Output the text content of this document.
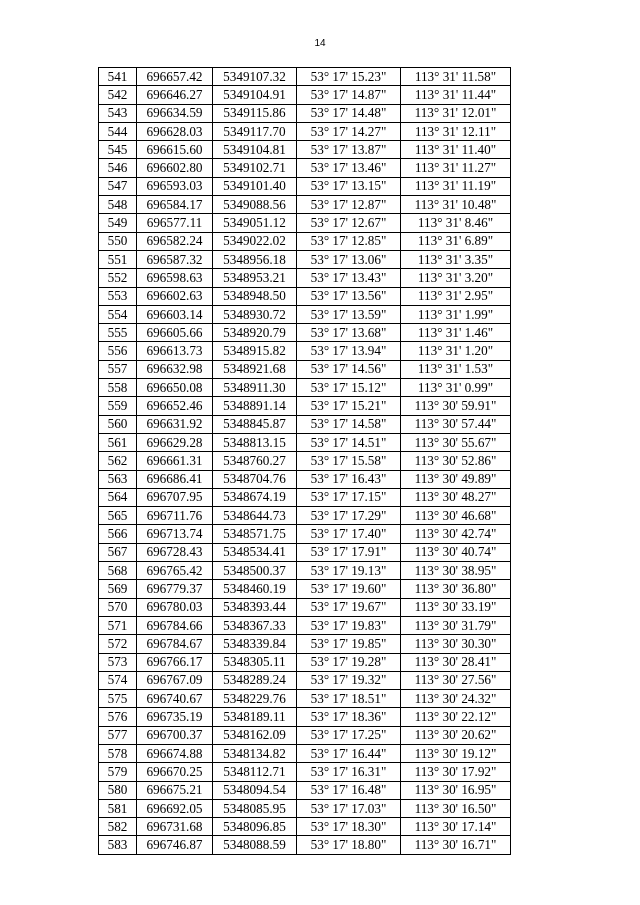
14
541	696657.42	5349107.32	53° 17' 15.23"	113° 31' 11.58"
542	696646.27	5349104.91	53° 17' 14.87"	113° 31' 11.44"
543	696634.59	5349115.86	53° 17' 14.48"	113° 31' 12.01"
544	696628.03	5349117.70	53° 17' 14.27"	113° 31' 12.11"
545	696615.60	5349104.81	53° 17' 13.87"	113° 31' 11.40"
546	696602.80	5349102.71	53° 17' 13.46"	113° 31' 11.27"
547	696593.03	5349101.40	53° 17' 13.15"	113° 31' 11.19"
548	696584.17	5349088.56	53° 17' 12.87"	113° 31' 10.48"
549	696577.11	5349051.12	53° 17' 12.67"	113° 31' 8.46"
550	696582.24	5349022.02	53° 17' 12.85"	113° 31' 6.89"
551	696587.32	5348956.18	53° 17' 13.06"	113° 31' 3.35"
552	696598.63	5348953.21	53° 17' 13.43"	113° 31' 3.20"
553	696602.63	5348948.50	53° 17' 13.56"	113° 31' 2.95"
554	696603.14	5348930.72	53° 17' 13.59"	113° 31' 1.99"
555	696605.66	5348920.79	53° 17' 13.68"	113° 31' 1.46"
556	696613.73	5348915.82	53° 17' 13.94"	113° 31' 1.20"
557	696632.98	5348921.68	53° 17' 14.56"	113° 31' 1.53"
558	696650.08	5348911.30	53° 17' 15.12"	113° 31' 0.99"
559	696652.46	5348891.14	53° 17' 15.21"	113° 30' 59.91"
560	696631.92	5348845.87	53° 17' 14.58"	113° 30' 57.44"
561	696629.28	5348813.15	53° 17' 14.51"	113° 30' 55.67"
562	696661.31	5348760.27	53° 17' 15.58"	113° 30' 52.86"
563	696686.41	5348704.76	53° 17' 16.43"	113° 30' 49.89"
564	696707.95	5348674.19	53° 17' 17.15"	113° 30' 48.27"
565	696711.76	5348644.73	53° 17' 17.29"	113° 30' 46.68"
566	696713.74	5348571.75	53° 17' 17.40"	113° 30' 42.74"
567	696728.43	5348534.41	53° 17' 17.91"	113° 30' 40.74"
568	696765.42	5348500.37	53° 17' 19.13"	113° 30' 38.95"
569	696779.37	5348460.19	53° 17' 19.60"	113° 30' 36.80"
570	696780.03	5348393.44	53° 17' 19.67"	113° 30' 33.19"
571	696784.66	5348367.33	53° 17' 19.83"	113° 30' 31.79"
572	696784.67	5348339.84	53° 17' 19.85"	113° 30' 30.30"
573	696766.17	5348305.11	53° 17' 19.28"	113° 30' 28.41"
574	696767.09	5348289.24	53° 17' 19.32"	113° 30' 27.56"
575	696740.67	5348229.76	53° 17' 18.51"	113° 30' 24.32"
576	696735.19	5348189.11	53° 17' 18.36"	113° 30' 22.12"
577	696700.37	5348162.09	53° 17' 17.25"	113° 30' 20.62"
578	696674.88	5348134.82	53° 17' 16.44"	113° 30' 19.12"
579	696670.25	5348112.71	53° 17' 16.31"	113° 30' 17.92"
580	696675.21	5348094.54	53° 17' 16.48"	113° 30' 16.95"
581	696692.05	5348085.95	53° 17' 17.03"	113° 30' 16.50"
582	696731.68	5348096.85	53° 17' 18.30"	113° 30' 17.14"
583	696746.87	5348088.59	53° 17' 18.80"	113° 30' 16.71"
